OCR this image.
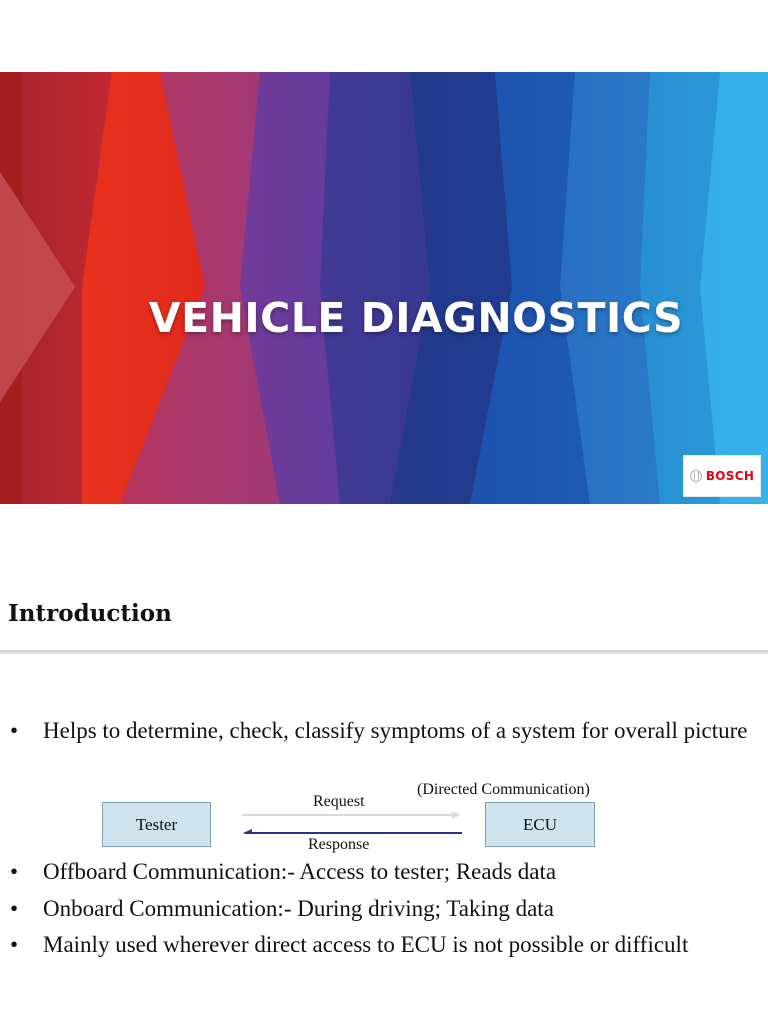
VEHICLE DIAGNOSTICS
BOSCH
Introduction
•	Helps to determine, check, classify symptoms of a system for overall picture
•	Offboard Communication:- Access to tester; Reads data
•	Onboard Communication:- During driving; Taking data
•	Mainly used wherever direct access to ECU is not possible or difficult
Tester	ECU
Request
Response
(Directed Communication)
